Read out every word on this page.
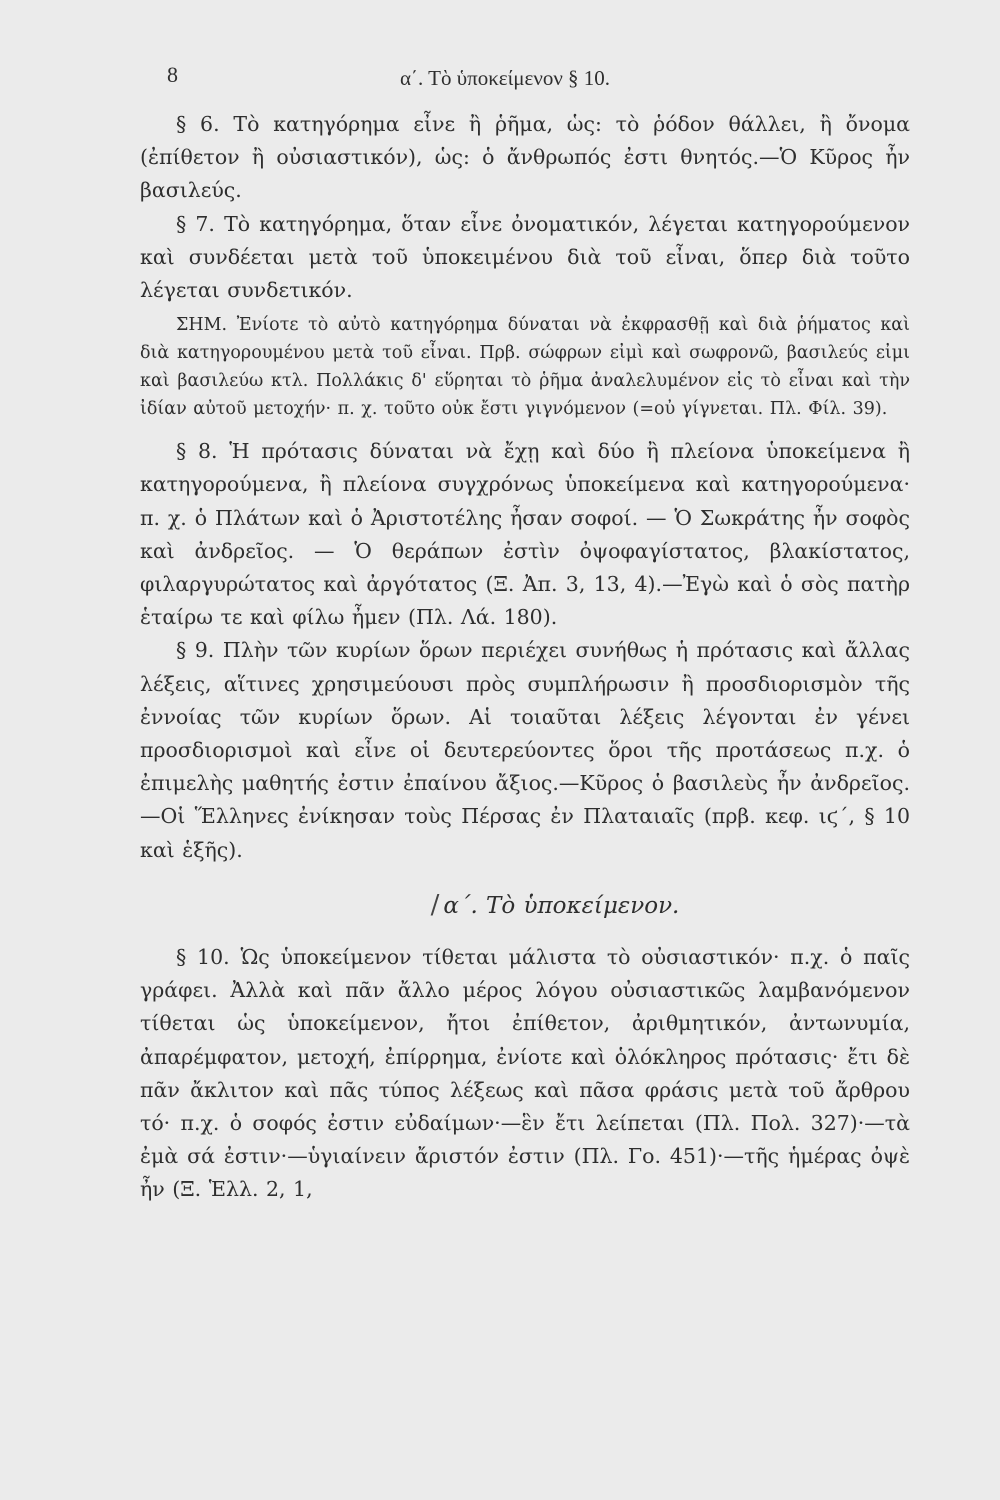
8	α΄. Τὸ ὑποκείμενον § 10.

§ 6. Τὸ κατηγόρημα εἶνε ἢ ῥῆμα, ὡς: τὸ ῥόδον θάλλει, ἢ ὄνομα (ἐπίθετον ἢ οὐσιαστικόν), ὡς: ὁ ἄνθρωπός ἐστι θνητός.—Ὁ Κῦρος ἦν βασιλεύς.

§ 7. Τὸ κατηγόρημα, ὅταν εἶνε ὀνοματικόν, λέγεται κατηγορούμενον καὶ συνδέεται μετὰ τοῦ ὑποκειμένου διὰ τοῦ εἶναι, ὅπερ διὰ τοῦτο λέγεται συνδετικόν.

ΣΗΜ. Ἐνίοτε τὸ αὐτὸ κατηγόρημα δύναται νὰ ἐκφρασθῇ καὶ διὰ ῥήματος καὶ διὰ κατηγορουμένου μετὰ τοῦ εἶναι. Πρβ. σώφρων εἰμὶ καὶ σωφρονῶ, βασιλεύς εἰμι καὶ βασιλεύω κτλ. Πολλάκις δ' εὕρηται τὸ ῥῆμα ἀναλελυμένον εἰς τὸ εἶναι καὶ τὴν ἰδίαν αὐτοῦ μετοχήν· π. χ. τοῦτο οὐκ ἔστι γιγνόμενον (=οὐ γίγνεται. Πλ. Φίλ. 39).

§ 8. Ἡ πρότασις δύναται νὰ ἔχῃ καὶ δύο ἢ πλείονα ὑποκείμενα ἢ κατηγορούμενα, ἢ πλείονα συγχρόνως ὑποκείμενα καὶ κατηγορούμενα· π. χ. ὁ Πλάτων καὶ ὁ Ἀριστοτέλης ἦσαν σοφοί. — Ὁ Σωκράτης ἦν σοφὸς καὶ ἀνδρεῖος. — Ὁ θεράπων ἐστὶν ὀψοφαγίστατος, βλακίστατος, φιλαργυρώτατος καὶ ἀργότατος (Ξ. Ἀπ. 3, 13, 4).—Ἐγὼ καὶ ὁ σὸς πατὴρ ἑταίρω τε καὶ φίλω ἦμεν (Πλ. Λά. 180).

§ 9. Πλὴν τῶν κυρίων ὅρων περιέχει συνήθως ἡ πρότασις καὶ ἄλλας λέξεις, αἵτινες χρησιμεύουσι πρὸς συμπλήρωσιν ἢ προσδιορισμὸν τῆς ἐννοίας τῶν κυρίων ὅρων. Αἱ τοιαῦται λέξεις λέγονται ἐν γένει προσδιορισμοὶ καὶ εἶνε οἱ δευτερεύοντες ὅροι τῆς προτάσεως π.χ. ὁ ἐπιμελὴς μαθητής ἐστιν ἐπαίνου ἄξιος.—Κῦρος ὁ βασιλεὺς ἦν ἀνδρεῖος.—Οἱ Ἕλληνες ἐνίκησαν τοὺς Πέρσας ἐν Πλαταιαῖς (πρβ. κεφ. ιϛ΄, § 10 καὶ ἑξῆς).

/ α΄. Τὸ ὑποκείμενον.

§ 10. Ὡς ὑποκείμενον τίθεται μάλιστα τὸ οὐσιαστικόν· π.χ. ὁ παῖς γράφει. Ἀλλὰ καὶ πᾶν ἄλλο μέρος λόγου οὐσιαστικῶς λαμβανόμενον τίθεται ὡς ὑποκείμενον, ἤτοι ἐπίθετον, ἀριθμητικόν, ἀντωνυμία, ἀπαρέμφατον, μετοχή, ἐπίρρημα, ἐνίοτε καὶ ὁλόκληρος πρότασις· ἔτι δὲ πᾶν ἄκλιτον καὶ πᾶς τύπος λέξεως καὶ πᾶσα φράσις μετὰ τοῦ ἄρθρου τό· π.χ. ὁ σοφός ἐστιν εὐδαίμων·—ἓν ἔτι λείπεται (Πλ. Πολ. 327)·—τὰ ἐμὰ σά ἐστιν·—ὑγιαίνειν ἄριστόν ἐστιν (Πλ. Γο. 451)·—τῆς ἡμέρας ὀψὲ ἦν (Ξ. Ἑλλ. 2, 1,
